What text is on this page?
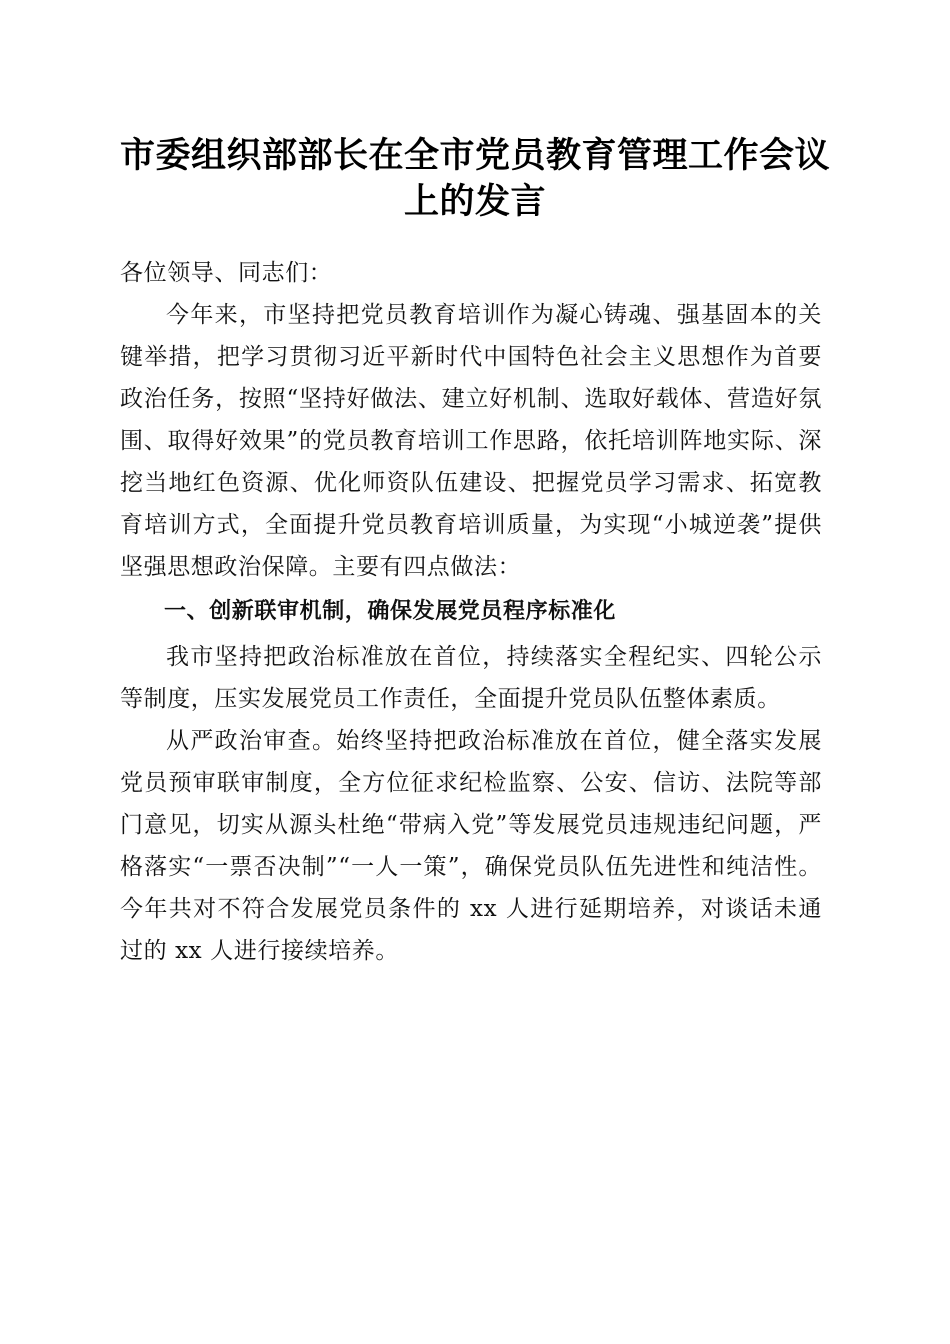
市委组织部部长在全市党员教育管理工作会议
上的发言

各位领导、同志们：

今年来，市坚持把党员教育培训作为凝心铸魂、强基固本的关键举措，把学习贯彻习近平新时代中国特色社会主义思想作为首要政治任务，按照“坚持好做法、建立好机制、选取好载体、营造好氛围、取得好效果”的党员教育培训工作思路，依托培训阵地实际、深挖当地红色资源、优化师资队伍建设、把握党员学习需求、拓宽教育培训方式，全面提升党员教育培训质量，为实现“小城逆袭”提供坚强思想政治保障。主要有四点做法：

一、创新联审机制，确保发展党员程序标准化

我市坚持把政治标准放在首位，持续落实全程纪实、四轮公示等制度，压实发展党员工作责任，全面提升党员队伍整体素质。

从严政治审查。始终坚持把政治标准放在首位，健全落实发展党员预审联审制度，全方位征求纪检监察、公安、信访、法院等部门意见，切实从源头杜绝“带病入党”等发展党员违规违纪问题，严格落实“一票否决制”“一人一策”，确保党员队伍先进性和纯洁性。今年共对不符合发展党员条件的 xx 人进行延期培养，对谈话未通过的 xx 人进行接续培养。
